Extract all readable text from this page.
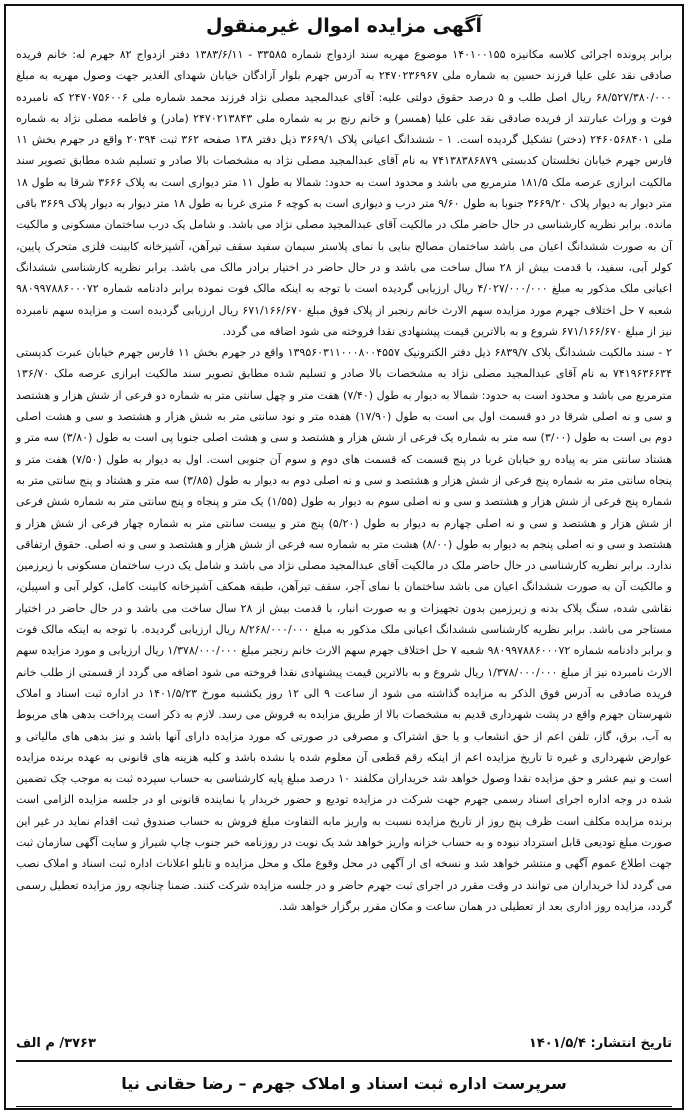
آگهی مزایده اموال غیرمنقول

برابر پرونده اجرائی کلاسه مکانیزه ۱۴۰۱۰۰۱۵۵ موضوع مهریه سند ازدواج شماره ۳۳۵۸۵ - ۱۳۸۳/۶/۱۱ دفتر ازدواج ۸۲ جهرم له: خانم فریده صادقی نقد علی علیا فرزند حسین به شماره ملی ۲۴۷۰۲۳۶۹۶۷ به آدرس جهرم بلوار آزادگان خیابان شهدای الغدیر جهت وصول مهریه به مبلغ ۶۸/۵۲۷/۳۸۰/۰۰۰ ریال اصل طلب و ۵ درصد حقوق دولتی علیه: آقای عبدالمجید مصلی نژاد فرزند محمد شماره ملی ۲۴۷۰۷۵۶۰۰۶ که نامبرده فوت و وراث عبارتند از فریده صادقی نقد علی علیا (همسر) و خانم رنج بر به شماره ملی ۲۴۷۰۲۱۳۸۴۳ (مادر) و فاطمه مصلی نژاد به شماره ملی ۲۴۶۰۵۶۸۴۰۱ (دختر) تشکیل گردیده است. ۱ - ششدانگ اعیانی پلاک ۳۶۶۹/۱ ذیل دفتر ۱۳۸ صفحه ۳۶۲ ثبت ۲۰۳۹۴ واقع در جهرم بخش ۱۱ فارس جهرم خیابان نخلستان کدبستی ۷۴۱۳۸۳۸۶۸۷۹ به نام آقای عبدالمجید مصلی نژاد به مشخصات بالا صادر و تسلیم شده مطابق تصویر سند مالکیت ابرازی عرصه ملک ۱۸۱/۵ مترمربع می باشد و محدود است به حدود: شمالا به طول ۱۱ متر دیواری است به پلاک ۳۶۶۶ شرقا به طول ۱۸ متر دیوار به دیوار پلاک ۳۶۶۹/۲۰ جنوبا به طول ۹/۶۰ متر درب و دیواری است به کوچه ۶ متری غربا به طول ۱۸ متر دیوار به دیوار پلاک ۳۶۶۹ باقی مانده. برابر نظریه کارشناسی در حال حاضر ملک در مالکیت آقای عبدالمجید مصلی نژاد می باشد. و شامل یک درب ساختمان مسکونی و مالکیت آن به صورت ششدانگ اعیان می باشد ساختمان مصالح بنایی با نمای پلاستر سیمان سفید سقف تیرآهن، آشپزخانه کابینت فلزی متحرک پایین، کولر آبی، سفید، با قدمت بیش از ۲۸ سال ساخت می باشد و در حال حاضر در اختیار برادر مالک می باشد. برابر نظریه کارشناسی ششدانگ اعیانی ملک مذکور به مبلغ ۴/۰۲۷/۰۰۰/۰۰۰ ریال ارزیابی گردیده است با توجه به اینکه مالک فوت نموده برابر دادنامه شماره ۹۸۰۹۹۷۸۸۶۰۰۰۷۲ شعبه ۷ حل اختلاف جهرم مورد مزایده سهم الارث خانم رنجبر از پلاک فوق مبلغ ۶۷۱/۱۶۶/۶۷۰ ریال ارزیابی گردیده است و مزایده سهم نامبرده نیز از مبلغ ۶۷۱/۱۶۶/۶۷۰ شروع و به بالاترین قیمت پیشنهادی نقدا فروخته می شود اضافه می گردد.

۲ - سند مالکیت ششدانگ پلاک ۶۸۳۹/۷ ذیل دفتر الکترونیک ۱۳۹۵۶۰۳۱۱۰۰۰۸۰۰۴۵۵۷ واقع در جهرم بخش ۱۱ فارس جهرم خیابان عبرت کدپستی ۷۴۱۹۶۳۶۶۳۴ به نام آقای عبدالمجید مصلی نژاد به مشخصات بالا صادر و تسلیم شده مطابق تصویر سند مالکیت ابرازی عرصه ملک ۱۳۶/۷۰ مترمربع می باشد و محدود است به حدود: شمالا به دیوار به طول (۷/۴۰) هفت متر و چهل سانتی متر به شماره دو فرعی از شش هزار و هشتصد و سی و نه اصلی شرقا در دو قسمت اول بی است به طول (۱۷/۹۰) هفده متر و نود سانتی متر به شش هزار و هشتصد و سی و هشت اصلی دوم بی است به طول (۳/۰۰) سه متر به شماره یک فرعی از شش هزار و هشتصد و سی و هشت اصلی جنوبا پی است به طول (۳/۸۰) سه متر و هشتاد سانتی متر به پیاده رو خیابان غربا در پنج قسمت که قسمت های دوم و سوم آن جنوبی است. اول به دیوار به طول (۷/۵۰) هفت متر و پنجاه سانتی متر به شماره پنج فرعی از شش هزار و هشتصد و سی و نه اصلی دوم به دیوار به طول (۳/۸۵) سه متر و هشتاد و پنج سانتی متر به شماره پنج فرعی از شش هزار و هشتصد و سی و نه اصلی سوم به دیوار به طول (۱/۵۵) یک متر و پنجاه و پنج سانتی متر به شماره شش فرعی از شش هزار و هشتصد و سی و نه اصلی چهارم به دیوار به طول (۵/۲۰) پنج متر و بیست سانتی متر به شماره چهار فرعی از شش هزار و هشتصد و سی و نه اصلی پنجم به دیوار به طول (۸/۰۰) هشت متر به شماره سه فرعی از شش هزار و هشتصد و سی و نه اصلی. حقوق ارتفاقی ندارد. برابر نظریه کارشناسی در حال حاضر ملک در مالکیت آقای عبدالمجید مصلی نژاد می باشد و شامل یک درب ساختمان مسکونی با زیرزمین و مالکیت آن به صورت ششدانگ اعیان می باشد ساختمان با نمای آجر، سقف تیرآهن، طبقه همکف آشپزخانه کابینت کامل، کولر آبی و اسپیلن، نقاشی شده، سنگ پلاک بدنه و زیرزمین بدون تجهیزات و به صورت انبار، با قدمت بیش از ۲۸ سال ساخت می باشد و در حال حاضر در اختیار مستاجر می باشد. برابر نظریه کارشناسی ششدانگ اعیانی ملک مذکور به مبلغ ۸/۲۶۸/۰۰۰/۰۰۰ ریال ارزیابی گردیده. با توجه به اینکه مالک فوت و برابر دادنامه شماره ۹۸۰۹۹۷۸۸۶۰۰۰۷۲ شعبه ۷ حل اختلاف جهرم سهم الارث خانم رنجبر مبلغ ۱/۳۷۸/۰۰۰/۰۰۰ ریال ارزیابی و مورد مزایده سهم الارث نامبرده نیز از مبلغ ۱/۳۷۸/۰۰۰/۰۰۰ ریال شروع و به بالاترین قیمت پیشنهادی نقدا فروخته می شود اضافه می گردد از قسمتی از طلب خانم فریده صادقی به آدرس فوق الذکر به مزایده گذاشته می شود از ساعت ۹ الی ۱۲ روز یکشنبه مورخ ۱۴۰۱/۵/۲۳ در اداره ثبت اسناد و املاک شهرستان جهرم واقع در پشت شهرداری قدیم به مشخصات بالا از طریق مزایده به فروش می رسد. لازم به ذکر است پرداخت بدهی های مربوط به آب، برق، گاز، تلفن اعم از حق انشعاب و یا حق اشتراک و مصرفی در صورتی که مورد مزایده دارای آنها باشد و نیز بدهی های مالیاتی و عوارض شهرداری و غیره تا تاریخ مزایده اعم از اینکه رقم قطعی آن معلوم شده یا نشده باشد و کلیه هزینه های قانونی به عهده برنده مزایده است و نیم عشر و حق مزایده نقدا وصول خواهد شد خریداران مکلفند ۱۰ درصد مبلغ پایه کارشناسی به حساب سپرده ثبت به موجب چک تضمین شده در وجه اداره اجرای اسناد رسمی جهرم جهت شرکت در مزایده تودیع و حضور خریدار یا نماینده قانونی او در جلسه مزایده الزامی است برنده مزایده مکلف است ظرف پنج روز از تاریخ مزایده نسبت به واریز مابه التفاوت مبلغ فروش به حساب صندوق ثبت اقدام نماید در غیر این صورت مبلغ تودیعی قابل استرداد نبوده و به حساب خزانه واریز خواهد شد یک نوبت در روزنامه خبر جنوب چاپ شیراز و سایت آگهی سازمان ثبت جهت اطلاع عموم آگهی و منتشر خواهد شد و نسخه ای از آگهی در محل وقوع ملک و محل مزایده و تابلو اعلانات اداره ثبت اسناد و املاک نصب می گردد لذا خریداران می توانند در وقت مقرر در اجرای ثبت جهرم حاضر و در جلسه مزایده شرکت کنند. ضمنا چنانچه روز مزایده تعطیل رسمی گردد، مزایده روز اداری بعد از تعطیلی در همان ساعت و مکان مقرر برگزار خواهد شد.

تاریخ انتشار: ۱۴۰۱/۵/۴
۳۷۶۳/ م الف
سرپرست اداره ثبت اسناد و املاک جهرم – رضا حقانی نیا
